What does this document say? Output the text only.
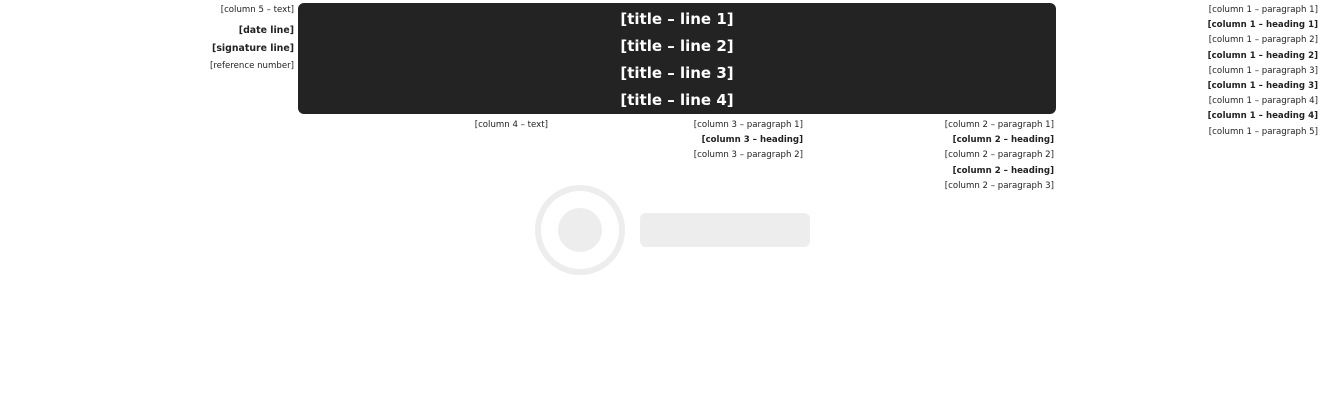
[title – line 1]
[title – line 2]
[title – line 3]
[title – line 4]

[column 1 – paragraph 1]

[column 1 – heading 1]

[column 1 – paragraph 2]

[column 1 – heading 2]

[column 1 – paragraph 3]

[column 1 – heading 3]

[column 1 – paragraph 4]

[column 1 – heading 4]

[column 1 – paragraph 5]

[column 2 – paragraph 1]

[column 2 – heading]

[column 2 – paragraph 2]

[column 2 – heading]

[column 2 – paragraph 3]

[column 3 – paragraph 1]

[column 3 – heading]

[column 3 – paragraph 2]

[column 4 – text]

[column 5 – text]

[date line]

[signature line]

[reference number]
